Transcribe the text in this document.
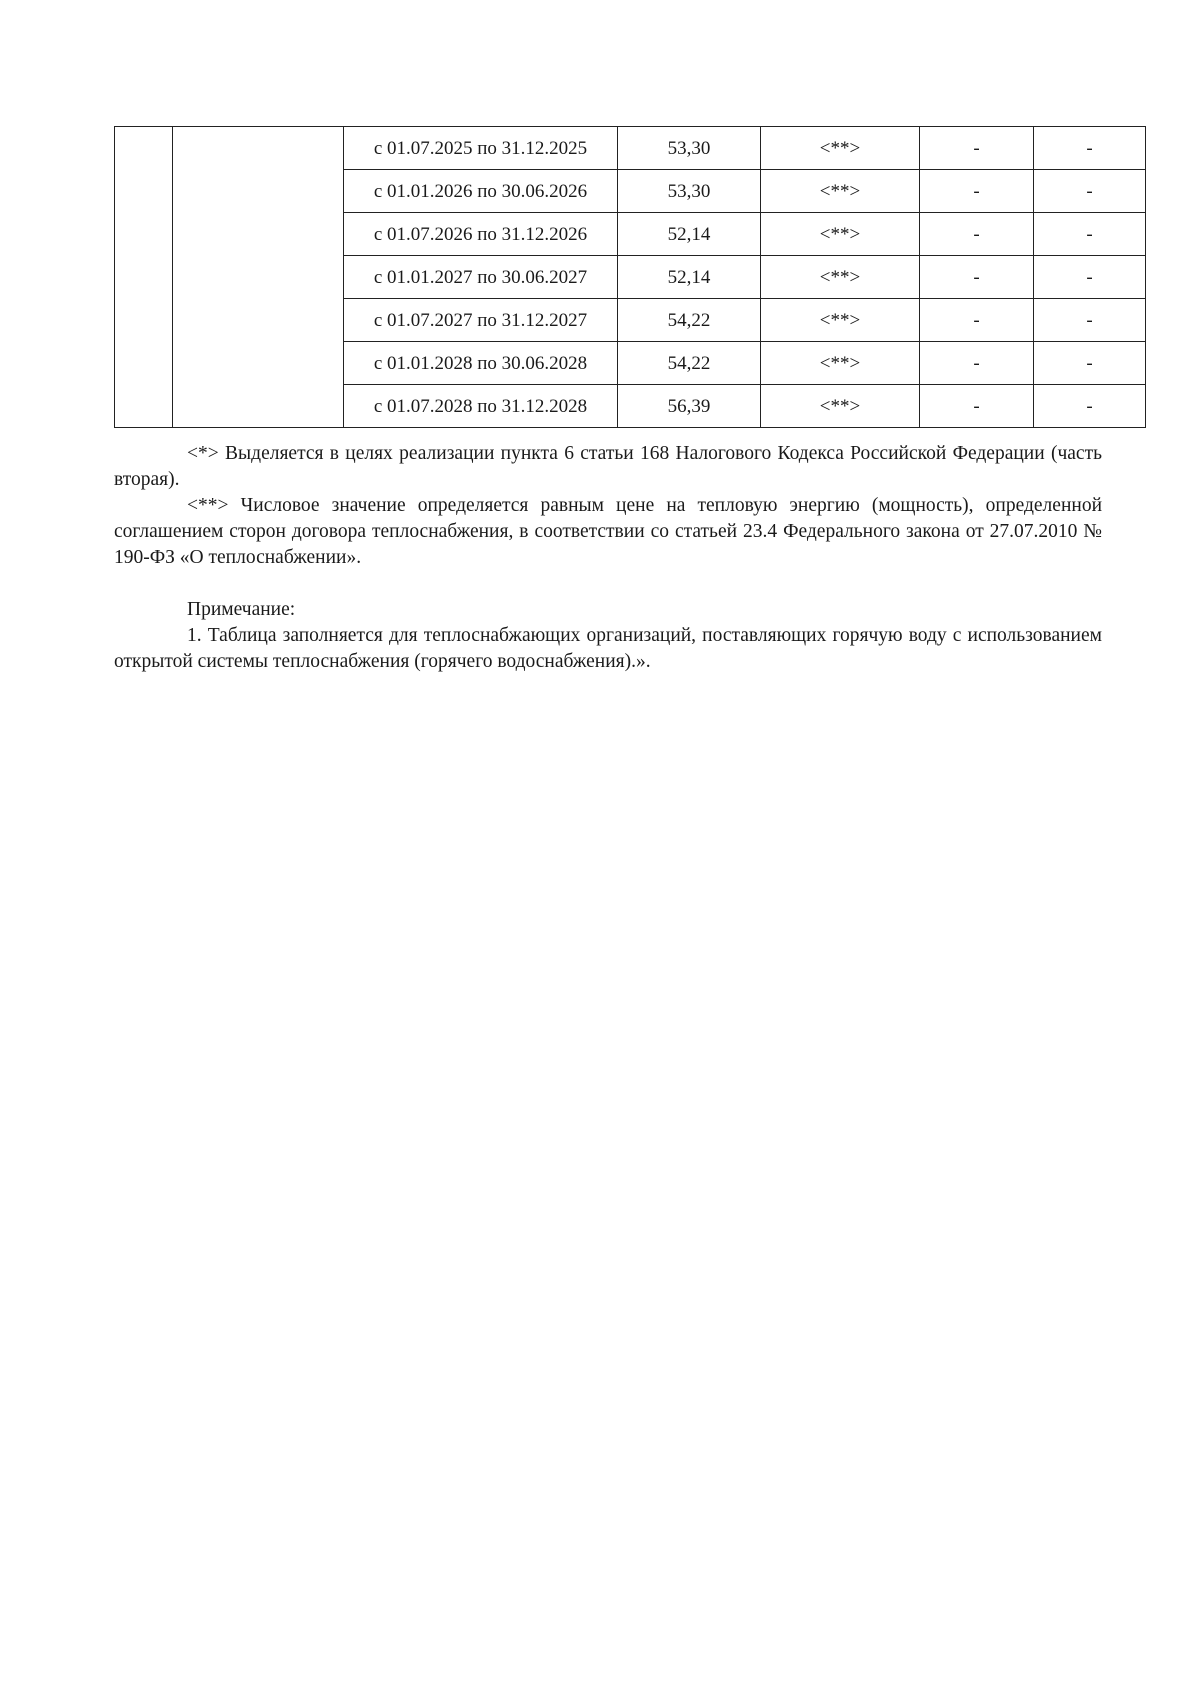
		с 01.07.2025 по 31.12.2025	53,30	<**>	-	-
		с 01.01.2026 по 30.06.2026	53,30	<**>	-	-
		с 01.07.2026 по 31.12.2026	52,14	<**>	-	-
		с 01.01.2027 по 30.06.2027	52,14	<**>	-	-
		с 01.07.2027 по 31.12.2027	54,22	<**>	-	-
		с 01.01.2028 по 30.06.2028	54,22	<**>	-	-
		с 01.07.2028 по 31.12.2028	56,39	<**>	-	-

<*> Выделяется в целях реализации пункта 6 статьи 168 Налогового Кодекса Российской Федерации (часть вторая).

<**> Числовое значение определяется равным цене на тепловую энергию (мощность), определенной соглашением сторон договора теплоснабжения, в соответствии со статьей 23.4 Федерального закона от 27.07.2010 № 190-ФЗ «О теплоснабжении».

Примечание:

1. Таблица заполняется для теплоснабжающих организаций, поставляющих горячую воду с использованием открытой системы теплоснабжения (горячего водоснабжения).».
